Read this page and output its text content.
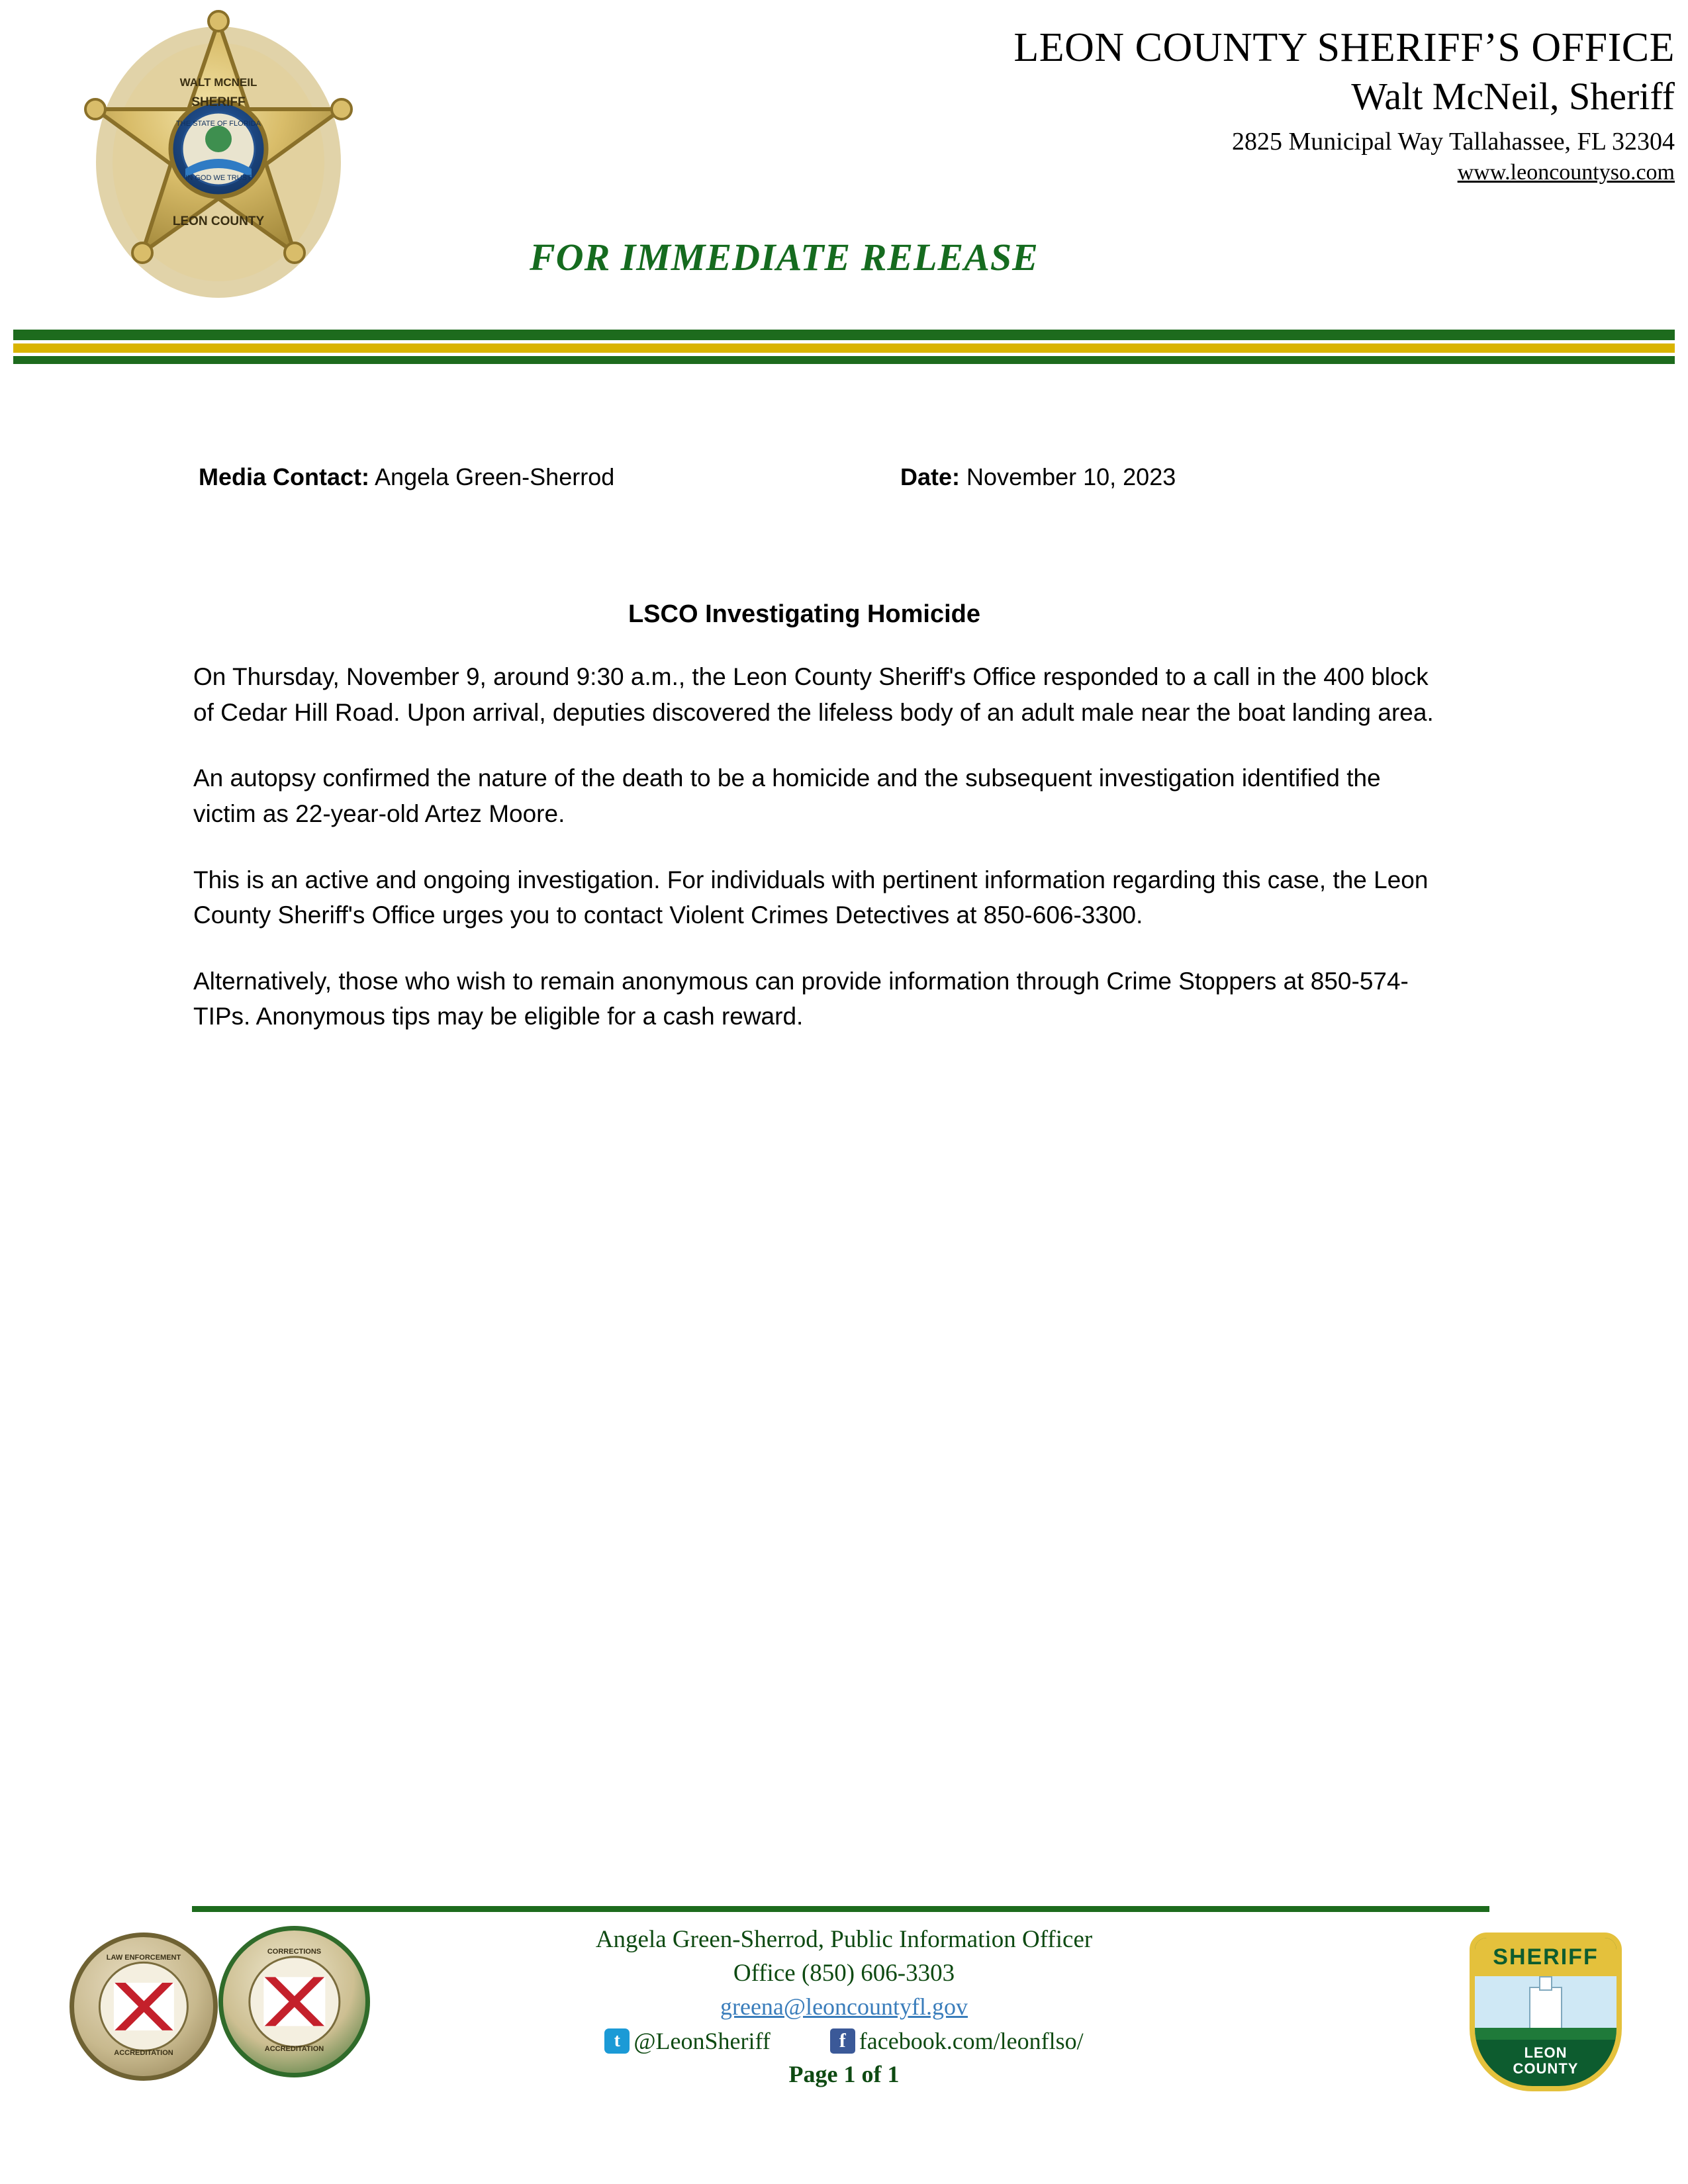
THE STATE OF FLORIDA
IN GOD WE TRUST
WALT MCNEIL
SHERIFF
LEON COUNTY
LEON COUNTY SHERIFF’S OFFICE
Walt McNeil, Sheriff
2825 Municipal Way Tallahassee, FL 32304
www.leoncountyso.com
FOR IMMEDIATE RELEASE
Media Contact: Angela Green-Sherrod	Date: November 10, 2023
LSCO Investigating Homicide

On Thursday, November 9, around 9:30 a.m., the Leon County Sheriff's Office responded to a call in the 400 block of Cedar Hill Road. Upon arrival, deputies discovered the lifeless body of an adult male near the boat landing area.

An autopsy confirmed the nature of the death to be a homicide and the subsequent investigation identified the victim as 22-year-old Artez Moore.

This is an active and ongoing investigation. For individuals with pertinent information regarding this case, the Leon County Sheriff's Office urges you to contact Violent Crimes Detectives at 850-606-3300.

Alternatively, those who wish to remain anonymous can provide information through Crime Stoppers at 850-574-TIPs. Anonymous tips may be eligible for a cash reward.

LAW ENFORCEMENT
ACCREDITATION
CORRECTIONS
ACCREDITATION
Angela Green-Sherrod, Public Information Officer
Office (850) 606-3303
greena@leoncountyfl.gov
t @LeonSheriff	f facebook.com/leonflso/
Page 1 of 1
SHERIFF
LEON
COUNTY
